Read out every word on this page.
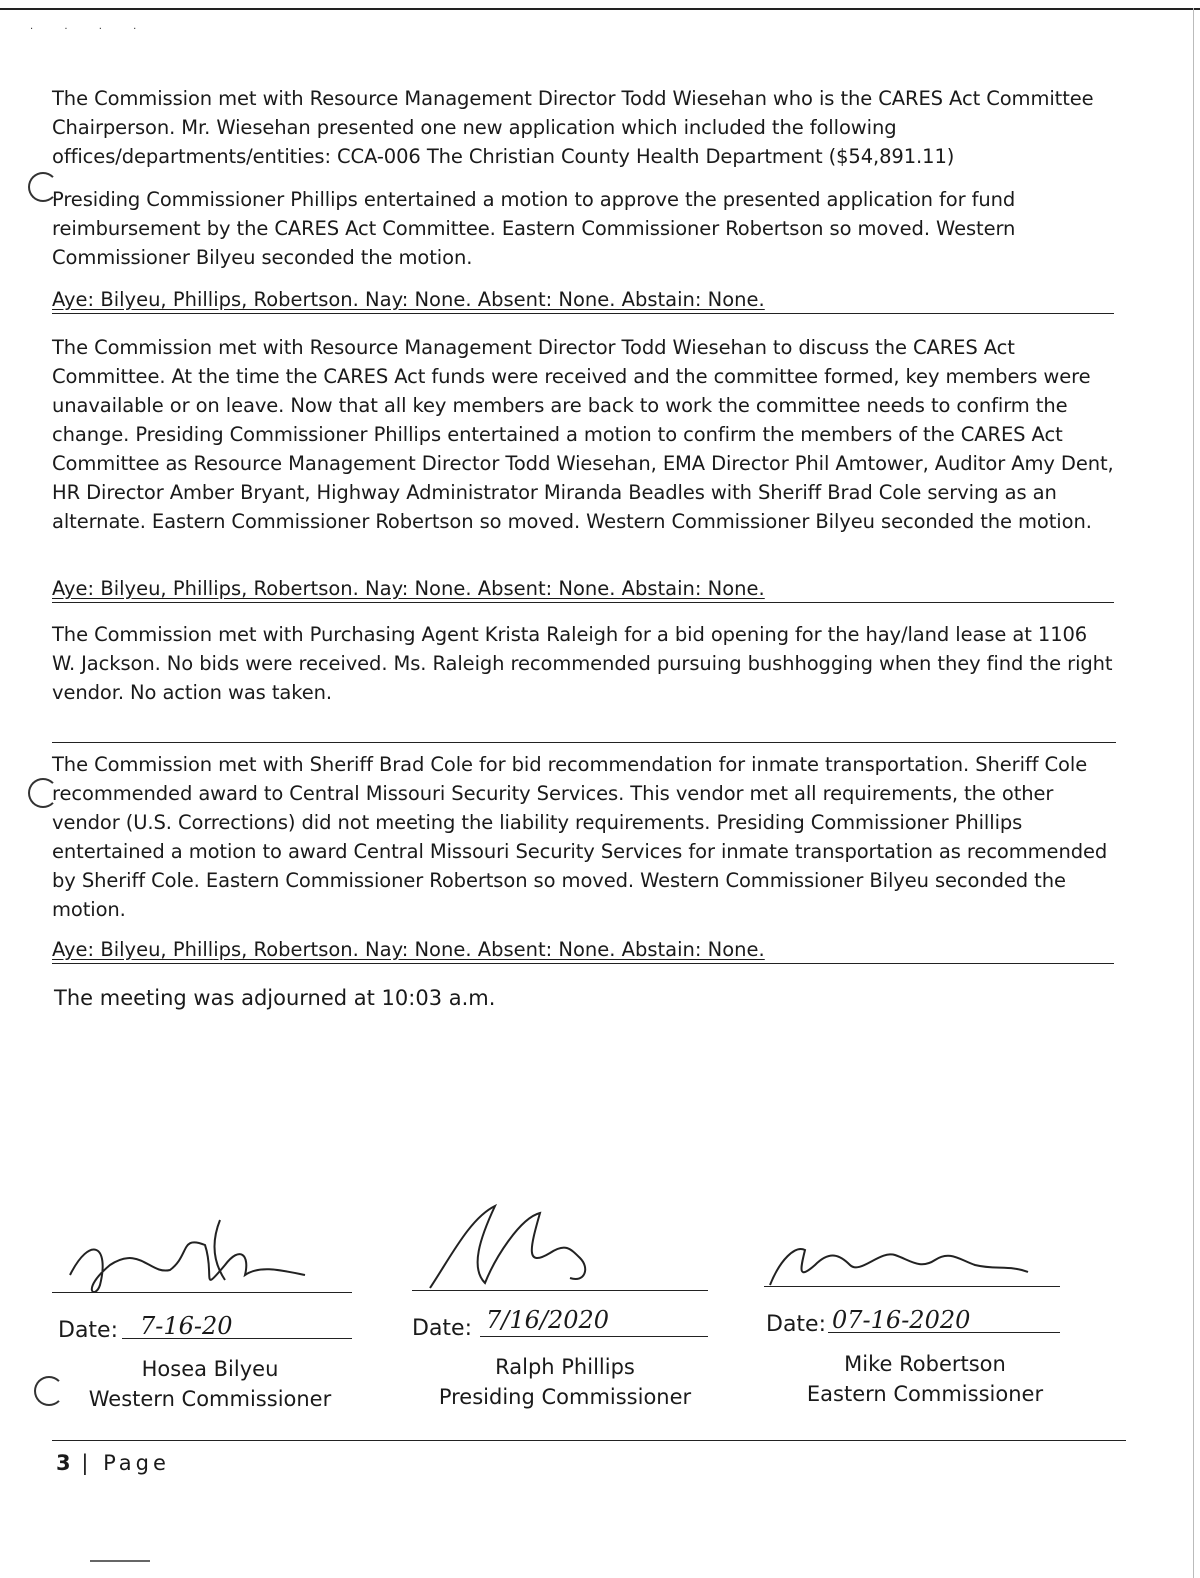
· · · ·

The Commission met with Resource Management Director Todd Wiesehan who is the CARES Act Committee Chairperson. Mr. Wiesehan presented one new application which included the following offices/departments/entities: CCA-006 The Christian County Health Department ($54,891.11)

Presiding Commissioner Phillips entertained a motion to approve the presented application for fund reimbursement by the CARES Act Committee. Eastern Commissioner Robertson so moved. Western Commissioner Bilyeu seconded the motion.

Aye: Bilyeu, Phillips, Robertson. Nay: None. Absent: None. Abstain: None.

The Commission met with Resource Management Director Todd Wiesehan to discuss the CARES Act Committee. At the time the CARES Act funds were received and the committee formed, key members were unavailable or on leave. Now that all key members are back to work the committee needs to confirm the change. Presiding Commissioner Phillips entertained a motion to confirm the members of the CARES Act Committee as Resource Management Director Todd Wiesehan, EMA Director Phil Amtower, Auditor Amy Dent, HR Director Amber Bryant, Highway Administrator Miranda Beadles with Sheriff Brad Cole serving as an alternate. Eastern Commissioner Robertson so moved. Western Commissioner Bilyeu seconded the motion.

Aye: Bilyeu, Phillips, Robertson. Nay: None. Absent: None. Abstain: None.

The Commission met with Purchasing Agent Krista Raleigh for a bid opening for the hay/land lease at 1106 W. Jackson. No bids were received. Ms. Raleigh recommended pursuing bushhogging when they find the right vendor. No action was taken.

The Commission met with Sheriff Brad Cole for bid recommendation for inmate transportation. Sheriff Cole recommended award to Central Missouri Security Services. This vendor met all requirements, the other vendor (U.S. Corrections) did not meeting the liability requirements. Presiding Commissioner Phillips entertained a motion to award Central Missouri Security Services for inmate transportation as recommended by Sheriff Cole. Eastern Commissioner Robertson so moved. Western Commissioner Bilyeu seconded the motion.

Aye: Bilyeu, Phillips, Robertson. Nay: None. Absent: None. Abstain: None.
The meeting was adjourned at 10:03 a.m.
Date: 7-16-20
Hosea Bilyeu
Western Commissioner
Date: 7/16/2020
Ralph Phillips
Presiding Commissioner
Date: 07-16-2020
Mike Robertson
Eastern Commissioner
3 | Page
